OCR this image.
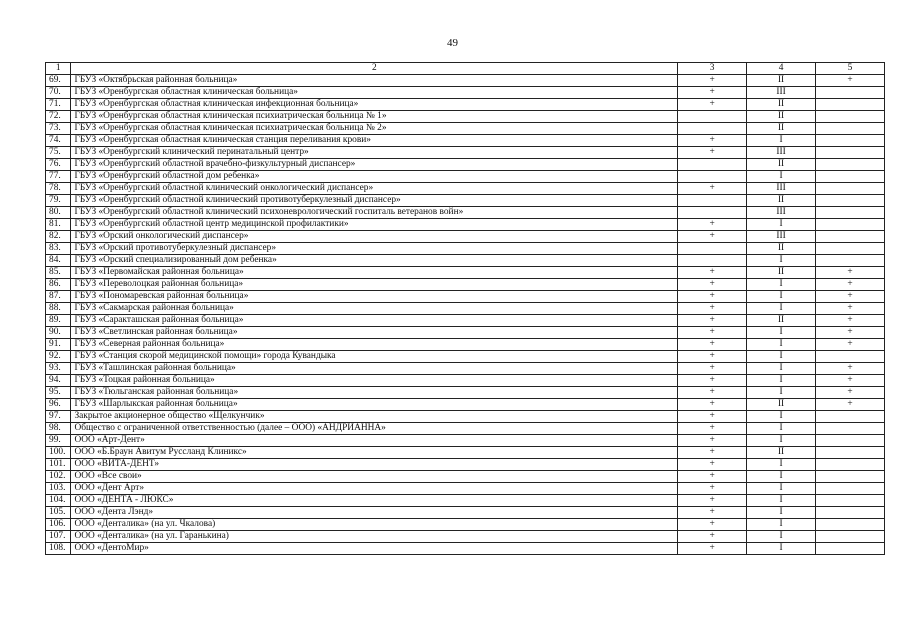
49
1	2	3	4	5
69.	ГБУЗ «Октябрьская районная больница»	+	II	+
70.	ГБУЗ «Оренбургская областная клиническая больница»	+	III	
71.	ГБУЗ «Оренбургская областная клиническая инфекционная больница»	+	II	
72.	ГБУЗ «Оренбургская областная клиническая психиатрическая больница № 1»		II	
73.	ГБУЗ «Оренбургская областная клиническая психиатрическая больница № 2»		II	
74.	ГБУЗ «Оренбургская областная клиническая станция переливания крови»	+	I	
75.	ГБУЗ «Оренбургский клинический перинатальный центр»	+	III	
76.	ГБУЗ «Оренбургский областной врачебно-физкультурный диспансер»		II	
77.	ГБУЗ «Оренбургский областной дом ребенка»		I	
78.	ГБУЗ «Оренбургский областной клинический онкологический диспансер»	+	III	
79.	ГБУЗ «Оренбургский областной клинический противотуберкулезный диспансер»		II	
80.	ГБУЗ «Оренбургский областной клинический психоневрологический госпиталь ветеранов войн»		III	
81.	ГБУЗ «Оренбургский областной центр медицинской профилактики»	+	I	
82.	ГБУЗ «Орский онкологический диспансер»	+	III	
83.	ГБУЗ «Орский противотуберкулезный диспансер»		II	
84.	ГБУЗ «Орский специализированный дом ребенка»		I	
85.	ГБУЗ «Первомайская районная больница»	+	II	+
86.	ГБУЗ «Переволоцкая районная больница»	+	I	+
87.	ГБУЗ «Пономаревская районная больница»	+	I	+
88.	ГБУЗ «Сакмарская районная больница»	+	I	+
89.	ГБУЗ «Саракташская районная больница»	+	II	+
90.	ГБУЗ «Светлинская районная больница»	+	I	+
91.	ГБУЗ «Северная районная больница»	+	I	+
92.	ГБУЗ «Станция скорой медицинской помощи» города Кувандыка	+	I	
93.	ГБУЗ «Ташлинская районная больница»	+	I	+
94.	ГБУЗ «Тоцкая районная больница»	+	I	+
95.	ГБУЗ «Тюльганская районная больница»	+	I	+
96.	ГБУЗ «Шарлыкская районная больница»	+	II	+
97.	Закрытое акционерное общество «Щелкунчик»	+	I	
98.	Общество с ограниченной ответственностью (далее – ООО) «АНДРИАННА»	+	I	
99.	ООО «Арт-Дент»	+	I	
100.	ООО «Б.Браун Авитум Руссланд Клиникс»	+	II	
101.	ООО «ВИТА-ДЕНТ»	+	I	
102.	ООО «Все свои»	+	I	
103.	ООО «Дент Арт»	+	I	
104.	ООО «ДЕНТА - ЛЮКС»	+	I	
105.	ООО «Дента Лэнд»	+	I	
106.	ООО «Денталика» (на ул. Чкалова)	+	I	
107.	ООО «Денталика» (на ул. Гаранькина)	+	I	
108.	ООО «ДентоМир»	+	I	
